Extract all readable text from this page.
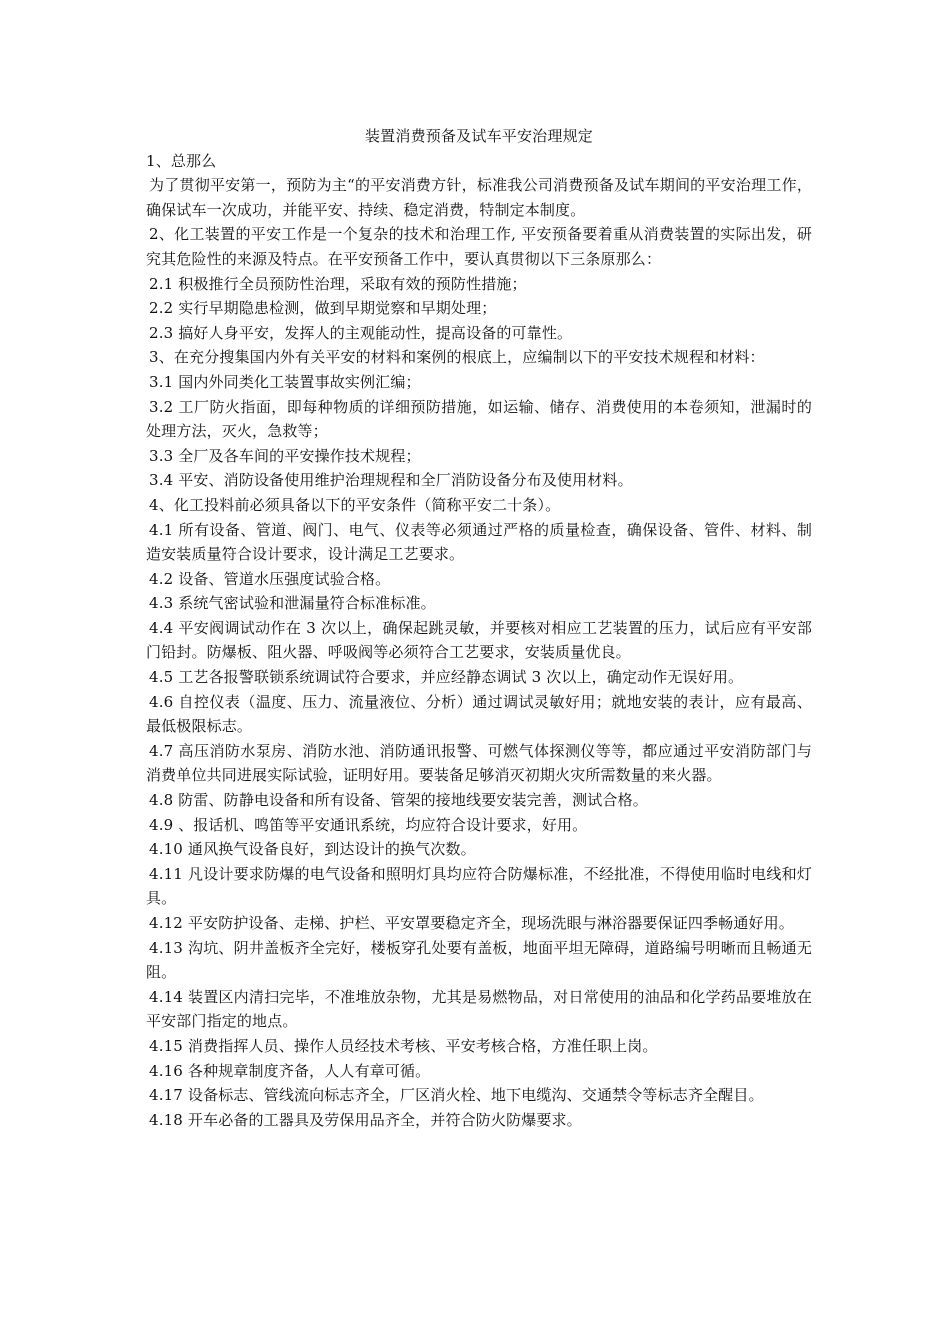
装置消费预备及试车平安治理规定

1、总那么

为了贯彻平安第一，预防为主“的平安消费方针，标准我公司消费预备及试车期间的平安治理工作，确保试车一次成功，并能平安、持续、稳定消费，特制定本制度。

2、化工装置的平安工作是一个复杂的技术和治理工作, 平安预备要着重从消费装置的实际出发，研究其危险性的来源及特点。在平安预备工作中，要认真贯彻以下三条原那么：

2.1 积极推行全员预防性治理，采取有效的预防性措施；

2.2 实行早期隐患检测，做到早期觉察和早期处理；

2.3 搞好人身平安，发挥人的主观能动性，提高设备的可靠性。

3、在充分搜集国内外有关平安的材料和案例的根底上，应编制以下的平安技术规程和材料：

3.1 国内外同类化工装置事故实例汇编；

3.2 工厂防火指面，即每种物质的详细预防措施，如运输、储存、消费使用的本卷须知，泄漏时的处理方法，灭火，急救等；

3.3 全厂及各车间的平安操作技术规程；

3.4 平安、消防设备使用维护治理规程和全厂消防设备分布及使用材料。

4、化工投料前必须具备以下的平安条件（简称平安二十条）。

4.1 所有设备、管道、阀门、电气、仪表等必须通过严格的质量检查，确保设备、管件、材料、制造安装质量符合设计要求，设计满足工艺要求。

4.2 设备、管道水压强度试验合格。

4.3 系统气密试验和泄漏量符合标准标准。

4.4 平安阀调试动作在 3 次以上，确保起跳灵敏，并要核对相应工艺装置的压力，试后应有平安部门铅封。防爆板、阻火器、呼吸阀等必须符合工艺要求，安装质量优良。

4.5 工艺各报警联锁系统调试符合要求，并应经静态调试 3 次以上，确定动作无误好用。

4.6 自控仪表（温度、压力、流量液位、分析）通过调试灵敏好用；就地安装的表计，应有最高、最低极限标志。

4.7 高压消防水泵房、消防水池、消防通讯报警、可燃气体探测仪等等，都应通过平安消防部门与消费单位共同进展实际试验，证明好用。要装备足够消灭初期火灾所需数量的来火器。

4.8 防雷、防静电设备和所有设备、管架的接地线要安装完善，测试合格。

4.9 、报话机、鸣笛等平安通讯系统，均应符合设计要求，好用。

4.10 通风换气设备良好，到达设计的换气次数。

4.11 凡设计要求防爆的电气设备和照明灯具均应符合防爆标准，不经批准，不得使用临时电线和灯具。

4.12 平安防护设备、走梯、护栏、平安罩要稳定齐全，现场洗眼与淋浴器要保证四季畅通好用。

4.13 沟坑、阴井盖板齐全完好，楼板穿孔处要有盖板，地面平坦无障碍，道路编号明晰而且畅通无阻。

4.14 装置区内清扫完毕，不准堆放杂物，尤其是易燃物品，对日常使用的油品和化学药品要堆放在平安部门指定的地点。

4.15 消费指挥人员、操作人员经技术考核、平安考核合格，方准任职上岗。

4.16 各种规章制度齐备，人人有章可循。

4.17 设备标志、管线流向标志齐全，厂区消火栓、地下电缆沟、交通禁令等标志齐全醒目。

4.18 开车必备的工器具及劳保用品齐全，并符合防火防爆要求。
